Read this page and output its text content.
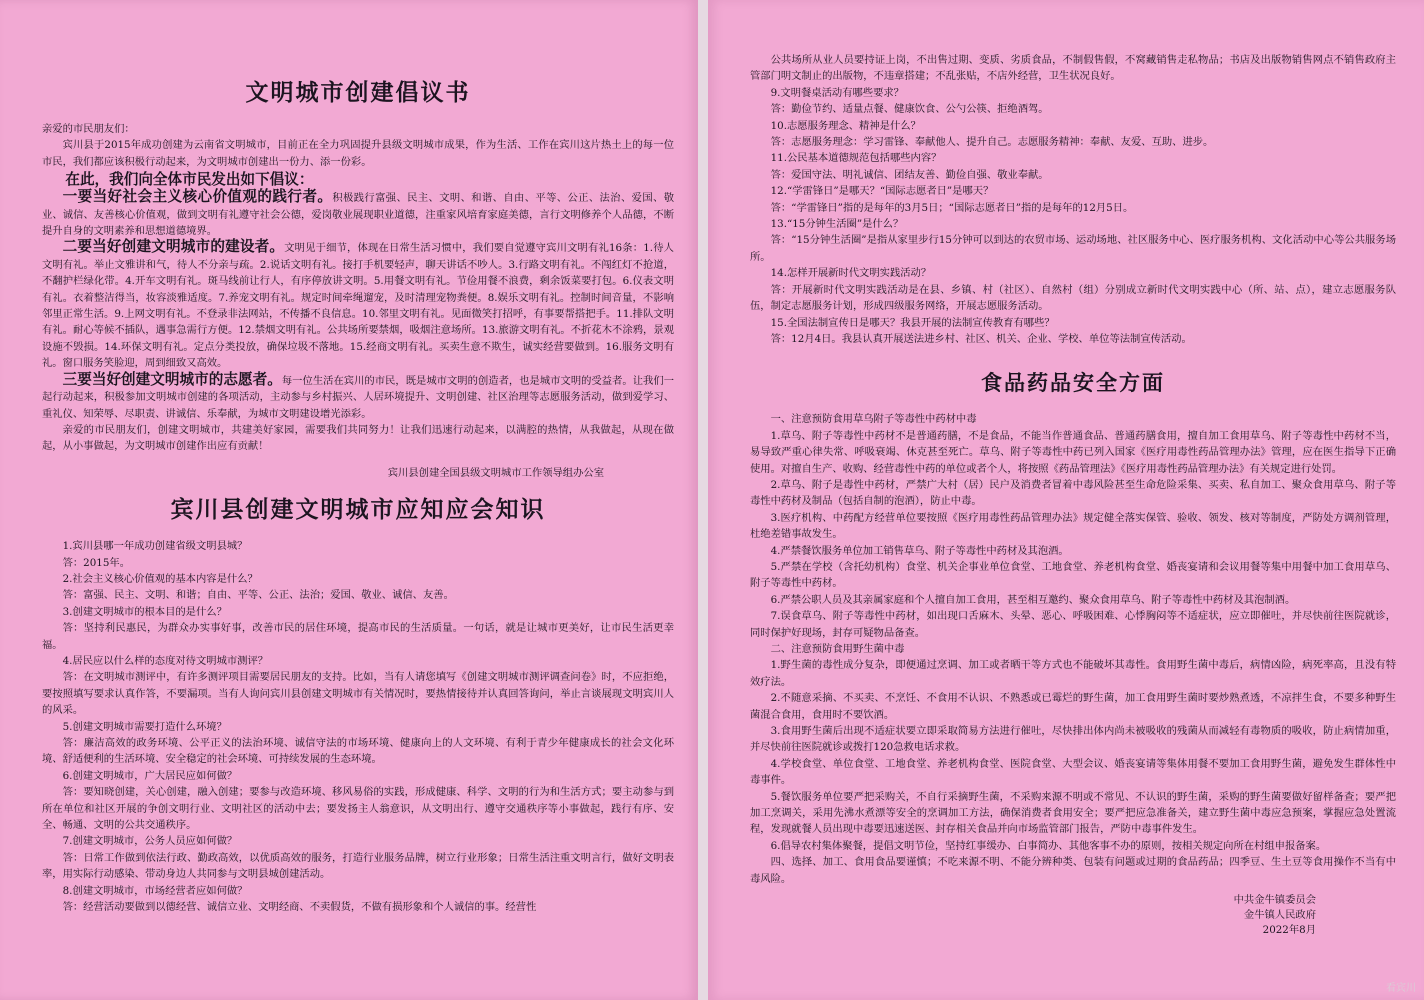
文明城市创建倡议书

亲爱的市民朋友们：

宾川县于2015年成功创建为云南省文明城市，目前正在全力巩固提升县级文明城市成果，作为生活、工作在宾川这片热土上的每一位市民，我们都应该积极行动起来，为文明城市创建出一份力、添一份彩。

在此，我们向全体市民发出如下倡议：

一要当好社会主义核心价值观的践行者。积极践行富强、民主、文明、和谐、自由、平等、公正、法治、爱国、敬业、诚信、友善核心价值观，做到文明有礼遵守社会公德，爱岗敬业展现职业道德，注重家风培育家庭美德，言行文明修养个人品德，不断提升自身的文明素养和思想道德境界。

二要当好创建文明城市的建设者。文明见于细节，体现在日常生活习惯中，我们要自觉遵守宾川文明有礼16条：1.待人文明有礼。举止文雅讲和气，待人不分亲与疏。2.说话文明有礼。接打手机要轻声，聊天讲话不吵人。3.行路文明有礼。不闯红灯不抢道，不翻护栏绿化带。4.开车文明有礼。斑马线前让行人，有序停放讲文明。5.用餐文明有礼。节俭用餐不浪费，剩余饭菜要打包。6.仪表文明有礼。衣着整洁得当，妆容淡雅适度。7.养宠文明有礼。规定时间牵绳遛宠，及时清理宠物粪便。8.娱乐文明有礼。控制时间音量，不影响邻里正常生活。9.上网文明有礼。不登录非法网站，不传播不良信息。10.邻里文明有礼。见面微笑打招呼，有事要帮搭把手。11.排队文明有礼。耐心等候不插队，遇事急需行方便。12.禁烟文明有礼。公共场所要禁烟，吸烟注意场所。13.旅游文明有礼。不折花木不涂鸦，景观设施不毁损。14.环保文明有礼。定点分类投放，确保垃圾不落地。15.经商文明有礼。买卖生意不欺生，诚实经营要做到。16.服务文明有礼。窗口服务笑脸迎，周到细致又高效。

三要当好创建文明城市的志愿者。每一位生活在宾川的市民，既是城市文明的创造者，也是城市文明的受益者。让我们一起行动起来，积极参加文明城市创建的各项活动，主动参与乡村振兴、人居环境提升、文明创建、社区治理等志愿服务活动，做到爱学习、重礼仪、知荣辱、尽职责、讲诚信、乐奉献，为城市文明建设增光添彩。

亲爱的市民朋友们，创建文明城市，共建美好家园，需要我们共同努力！让我们迅速行动起来，以满腔的热情，从我做起，从现在做起，从小事做起，为文明城市创建作出应有贡献！

宾川县创建全国县级文明城市工作领导组办公室

宾川县创建文明城市应知应会知识

1.宾川县哪一年成功创建省级文明县城？

答：2015年。

2.社会主义核心价值观的基本内容是什么？

答：富强、民主、文明、和谐；自由、平等、公正、法治；爱国、敬业、诚信、友善。

3.创建文明城市的根本目的是什么？

答：坚持利民惠民，为群众办实事好事，改善市民的居住环境，提高市民的生活质量。一句话，就是让城市更美好，让市民生活更幸福。

4.居民应以什么样的态度对待文明城市测评？

答：在文明城市测评中，有许多测评项目需要居民朋友的支持。比如，当有人请您填写《创建文明城市测评调查问卷》时，不应拒绝，要按照填写要求认真作答，不要漏项。当有人询问宾川县创建文明城市有关情况时，要热情接待并认真回答询问，举止言谈展现文明宾川人的风采。

5.创建文明城市需要打造什么环境？

答：廉洁高效的政务环境、公平正义的法治环境、诚信守法的市场环境、健康向上的人文环境、有利于青少年健康成长的社会文化环境、舒适便利的生活环境、安全稳定的社会环境、可持续发展的生态环境。

6.创建文明城市，广大居民应如何做？

答：要知晓创建，关心创建，融入创建；要参与改造环境、移风易俗的实践，形成健康、科学、文明的行为和生活方式；要主动参与到所在单位和社区开展的争创文明行业、文明社区的活动中去；要发扬主人翁意识，从文明出行、遵守交通秩序等小事做起，践行有序、安全、畅通、文明的公共交通秩序。

7.创建文明城市，公务人员应如何做？

答：日常工作做到依法行政、勤政高效，以优质高效的服务，打造行业服务品牌，树立行业形象；日常生活注重文明言行，做好文明表率，用实际行动感染、带动身边人共同参与文明县城创建活动。

8.创建文明城市，市场经营者应如何做？

答：经营活动要做到以德经营、诚信立业、文明经商、不卖假货，不做有损形象和个人诚信的事。经营性

公共场所从业人员要持证上岗，不出售过期、变质、劣质食品，不制假售假，不窝藏销售走私物品；书店及出版物销售网点不销售政府主管部门明文制止的出版物，不违章搭建；不乱张贴，不店外经营，卫生状况良好。

9.文明餐桌活动有哪些要求？

答：勤俭节约、适量点餐、健康饮食、公勺公筷、拒绝酒驾。

10.志愿服务理念、精神是什么？

答：志愿服务理念：学习雷锋、奉献他人、提升自己。志愿服务精神：奉献、友爱、互助、进步。

11.公民基本道德规范包括哪些内容？

答：爱国守法、明礼诚信、团结友善、勤俭自强、敬业奉献。

12.“学雷锋日”是哪天？“国际志愿者日”是哪天？

答：“学雷锋日”指的是每年的3月5日；“国际志愿者日”指的是每年的12月5日。

13.“15分钟生活圈”是什么？

答：“15分钟生活圈”是指从家里步行15分钟可以到达的农贸市场、运动场地、社区服务中心、医疗服务机构、文化活动中心等公共服务场所。

14.怎样开展新时代文明实践活动？

答：开展新时代文明实践活动是在县、乡镇、村（社区）、自然村（组）分别成立新时代文明实践中心（所、站、点），建立志愿服务队伍，制定志愿服务计划，形成四级服务网络，开展志愿服务活动。

15.全国法制宣传日是哪天？我县开展的法制宣传教育有哪些？

答：12月4日。我县认真开展送法进乡村、社区、机关、企业、学校、单位等法制宣传活动。

食品药品安全方面

一、注意预防食用草乌附子等毒性中药材中毒

1.草乌、附子等毒性中药材不是普通药膳，不是食品，不能当作普通食品、普通药膳食用，擅自加工食用草乌、附子等毒性中药材不当，易导致严重心律失常、呼吸衰竭、休克甚至死亡。草乌、附子等毒性中药已列入国家《医疗用毒性药品管理办法》管理，应在医生指导下正确使用。对擅自生产、收购、经营毒性中药的单位或者个人，将按照《药品管理法》《医疗用毒性药品管理办法》有关规定进行处罚。

2.草乌、附子是毒性中药材，严禁广大村（居）民户及消费者冒着中毒风险甚至生命危险采集、买卖、私自加工、聚众食用草乌、附子等毒性中药材及制品（包括自制的泡酒），防止中毒。

3.医疗机构、中药配方经营单位要按照《医疗用毒性药品管理办法》规定健全落实保管、验收、领发、核对等制度，严防处方调剂管理，杜绝差错事故发生。

4.严禁餐饮服务单位加工销售草乌、附子等毒性中药材及其泡酒。

5.严禁在学校（含托幼机构）食堂、机关企事业单位食堂、工地食堂、养老机构食堂、婚丧宴请和会议用餐等集中用餐中加工食用草乌、附子等毒性中药材。

6.严禁公职人员及其亲属家庭和个人擅自加工食用，甚至相互邀约、聚众食用草乌、附子等毒性中药材及其泡制酒。

7.误食草乌、附子等毒性中药材，如出现口舌麻木、头晕、恶心、呼吸困难、心悸胸闷等不适症状，应立即催吐，并尽快前往医院就诊，同时保护好现场，封存可疑物品备查。

二、注意预防食用野生菌中毒

1.野生菌的毒性成分复杂，即便通过烹调、加工或者晒干等方式也不能破坏其毒性。食用野生菌中毒后，病情凶险，病死率高，且没有特效疗法。

2.不随意采摘、不买卖、不烹饪、不食用不认识、不熟悉或已霉烂的野生菌，加工食用野生菌时要炒熟煮透，不凉拌生食，不要多种野生菌混合食用，食用时不要饮酒。

3.食用野生菌后出现不适症状要立即采取简易方法进行催吐，尽快排出体内尚未被吸收的残菌从而减轻有毒物质的吸收，防止病情加重，并尽快前往医院就诊或拨打120急救电话求救。

4.学校食堂、单位食堂、工地食堂、养老机构食堂、医院食堂、大型会议、婚丧宴请等集体用餐不要加工食用野生菌，避免发生群体性中毒事件。

5.餐饮服务单位要严把采购关，不自行采摘野生菌，不采购来源不明或不常见、不认识的野生菌，采购的野生菌要做好留样备查；要严把加工烹调关，采用先沸水煮漂等安全的烹调加工方法，确保消费者食用安全；要严把应急准备关，建立野生菌中毒应急预案，掌握应急处置流程，发现就餐人员出现中毒要迅速送医、封存相关食品并向市场监管部门报告，严防中毒事件发生。

6.倡导农村集体聚餐，提倡文明节俭，坚持红事缓办、白事简办、其他客事不办的原则，按相关规定向所在村组申报备案。

四、选择、加工、食用食品要谨慎；不吃来源不明、不能分辨种类、包装有问题或过期的食品药品；四季豆、生土豆等食用操作不当有中毒风险。

中共金牛镇委员会
金牛镇人民政府
2022年8月
看宾川
